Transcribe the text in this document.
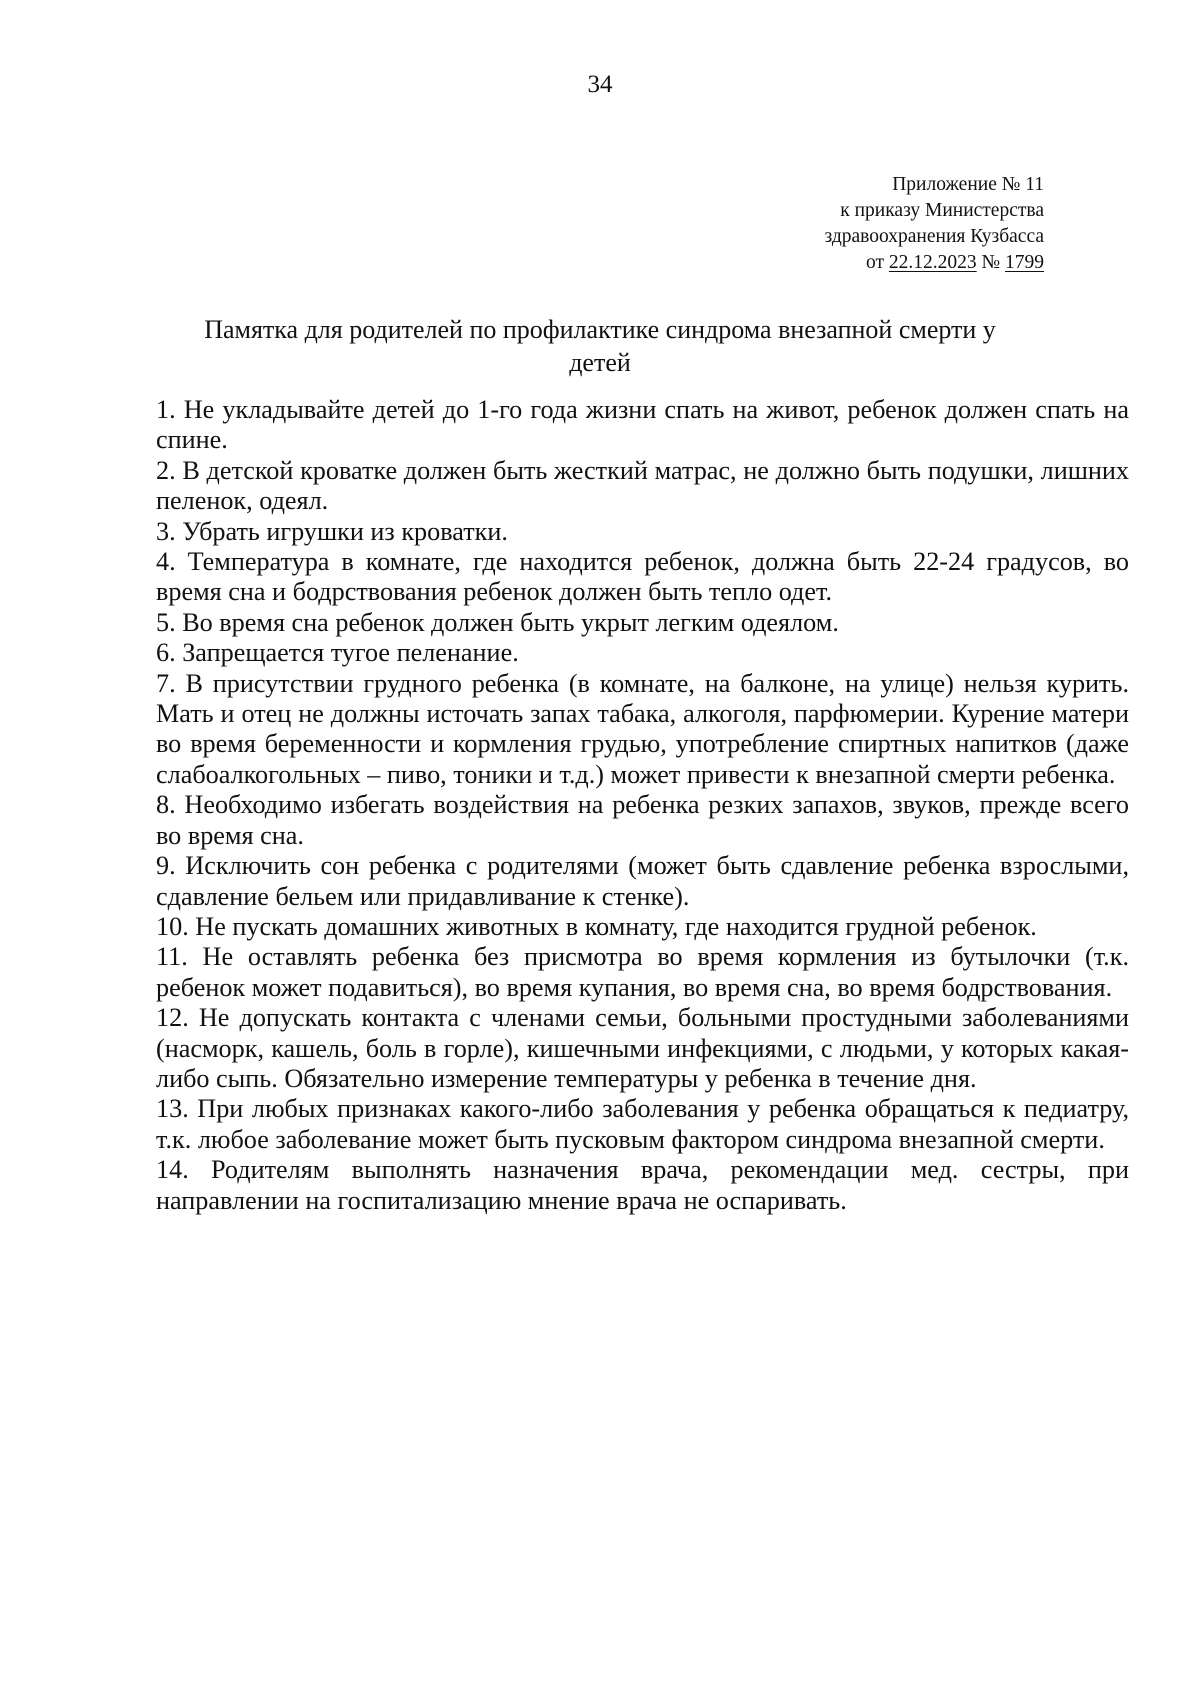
34
Приложение № 11
к приказу Министерства
здравоохранения Кузбасса
от 22.12.2023 № 1799
Памятка для родителей по профилактике синдрома внезапной смерти у детей

1. Не укладывайте детей до 1-го года жизни спать на живот, ребенок должен спать на спине.

2. В детской кроватке должен быть жесткий матрас, не должно быть подушки, лишних пеленок, одеял.

3. Убрать игрушки из кроватки.

4. Температура в комнате, где находится ребенок, должна быть 22-24 градусов, во время сна и бодрствования ребенок должен быть тепло одет.

5. Во время сна ребенок должен быть укрыт легким одеялом.

6. Запрещается тугое пеленание.

7. В присутствии грудного ребенка (в комнате, на балконе, на улице) нельзя курить. Мать и отец не должны источать запах табака, алкоголя, парфюмерии. Курение матери во время беременности и кормления грудью, употребление спиртных напитков (даже слабоалкогольных – пиво, тоники и т.д.) может привести к внезапной смерти ребенка.

8. Необходимо избегать воздействия на ребенка резких запахов, звуков, прежде всего во время сна.

9. Исключить сон ребенка с родителями (может быть сдавление ребенка взрослыми, сдавление бельем или придавливание к стенке).

10. Не пускать домашних животных в комнату, где находится грудной ребенок.

11. Не оставлять ребенка без присмотра во время кормления из бутылочки (т.к. ребенок может подавиться), во время купания, во время сна, во время бодрствования.

12. Не допускать контакта с членами семьи, больными простудными заболеваниями (насморк, кашель, боль в горле), кишечными инфекциями, с людьми, у которых какая-либо сыпь. Обязательно измерение температуры у ребенка в течение дня.

13. При любых признаках какого-либо заболевания у ребенка обращаться к педиатру, т.к. любое заболевание может быть пусковым фактором синдрома внезапной смерти.

14. Родителям выполнять назначения врача, рекомендации мед. сестры, при направлении на госпитализацию мнение врача не оспаривать.
